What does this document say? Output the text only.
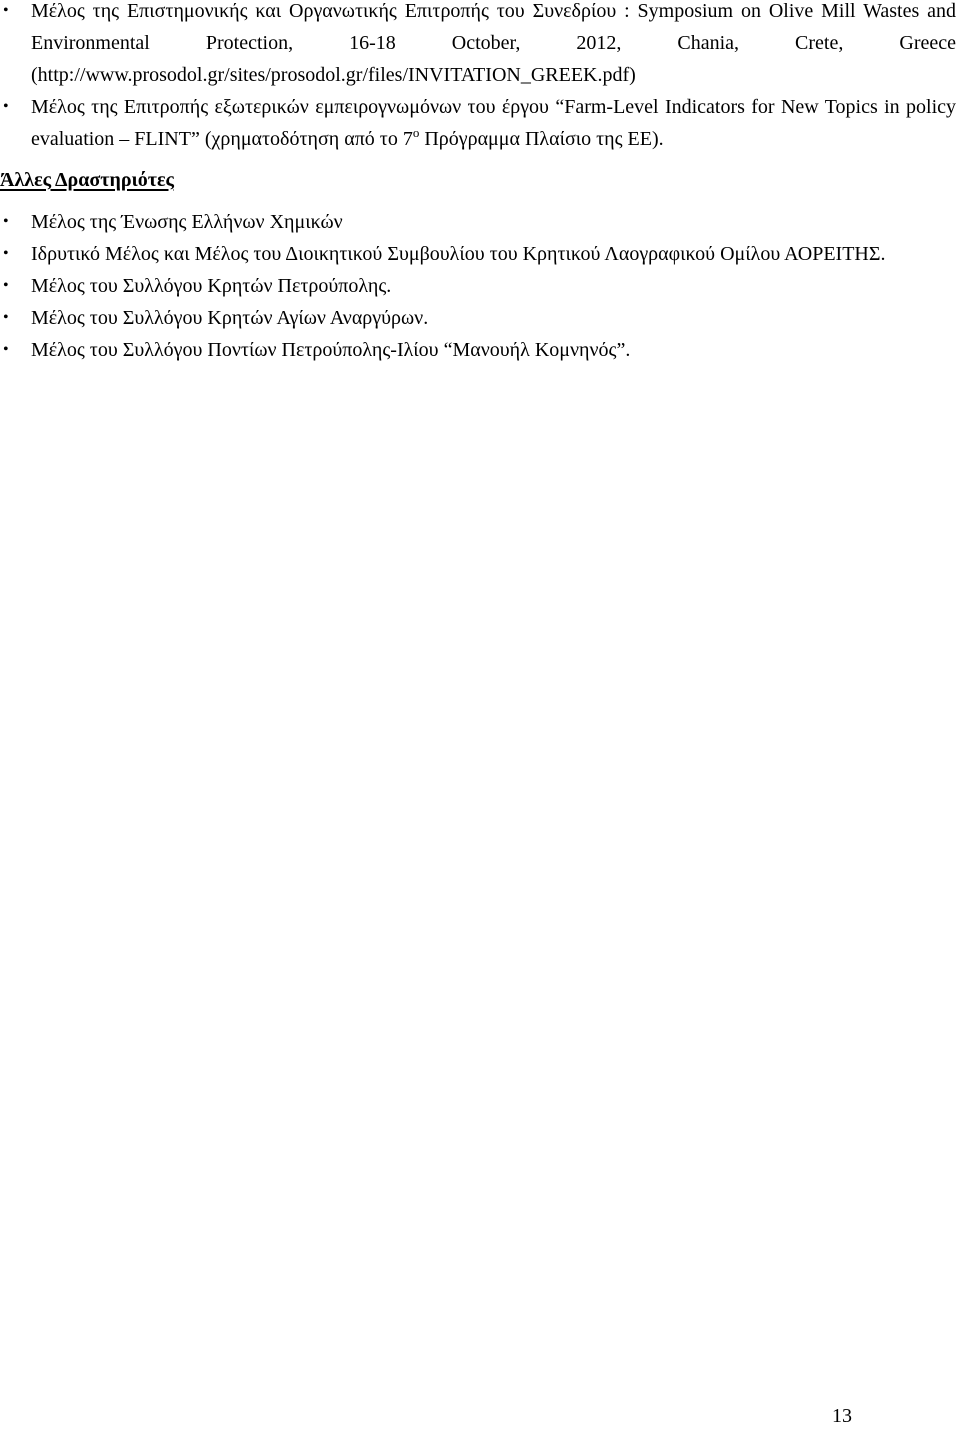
• Μέλος της Επιστημονικής και Οργανωτικής Επιτροπής του Συνεδρίου : Symposium on Olive Mill Wastes and Environmental Protection, 16-18 October, 2012, Chania, Crete, Greece (http://www.prosodol.gr/sites/prosodol.gr/files/INVITATION_GREEK.pdf)
• Μέλος της Επιτροπής εξωτερικών εμπειρογνωμόνων του έργου “Farm-Level Indicators for New Topics in policy evaluation – FLINT” (χρηματοδότηση από το $7^o$ Πρόγραμμα Πλαίσιο της ΕΕ).
Άλλες Δραστηριότες
• Μέλος της Ένωσης Ελλήνων Χημικών
• Ιδρυτικό Μέλος και Μέλος του Διοικητικού Συμβουλίου του Κρητικού Λαογραφικού Ομίλου ΑΟΡΕΙΤΗΣ.
• Μέλος του Συλλόγου Κρητών Πετρούπολης.
• Μέλος του Συλλόγου Κρητών Αγίων Αναργύρων.
• Μέλος του Συλλόγου Ποντίων Πετρούπολης-Ιλίου “Μανουήλ Κομνηνός”.
13
